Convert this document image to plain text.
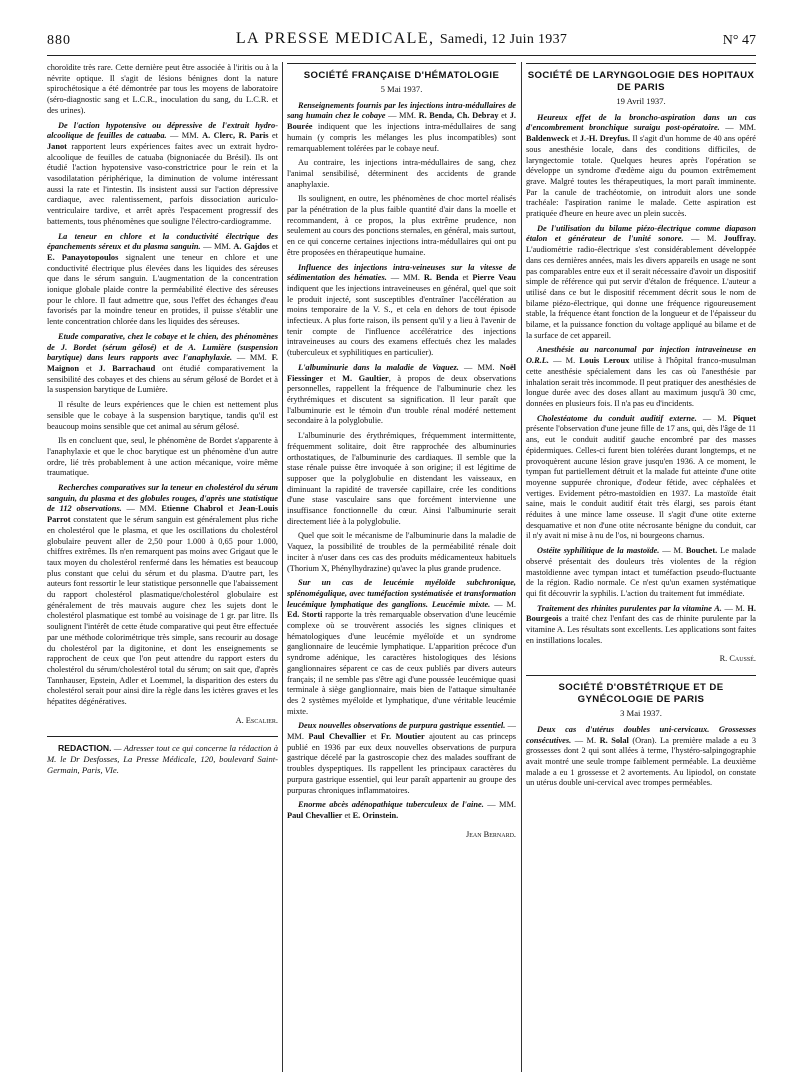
880	LA PRESSE MEDICALE, Samedi, 12 Juin 1937	N° 47

choroïdite très rare. Cette dernière peut être associée à l'iritis ou à la névrite optique. Il s'agit de lésions bénignes dont la nature spirochétosique a été démontrée par tous les moyens de laboratoire (séro-diagnostic sang et L.C.R., inoculation du sang, du L.C.R. et des urines).

De l'action hypotensive ou dépressive de l'extrait hydro-alcoolique de feuilles de catuaba. — MM. A. Clerc, R. Paris et Janot rapportent leurs expériences faites avec un extrait hydro-alcoolique de feuilles de catuaba (bignoniacée du Brésil). Ils ont étudié l'action hypotensive vaso-constrictrice pour le rein et la vasodilatation périphérique, la diminution de volume intéressant aussi la rate et l'intestin. Ils insistent aussi sur l'action dépressive cardiaque, avec ralentissement, parfois dissociation auriculo-ventriculaire tardive, et arrêt après l'espacement progressif des battements, tous phénomènes que souligne l'électro-cardiogramme.

La teneur en chlore et la conductivité électrique des épanchements séreux et du plasma sanguin. — MM. A. Gajdos et E. Panayotopoulos signalent une teneur en chlore et une conductivité électrique plus élevées dans les liquides des séreuses que dans le sérum sanguin. L'augmentation de la concentration ionique globale plaide contre la perméabilité élective des séreuses pour le chlore. Il faut admettre que, sous l'effet des échanges d'eau favorisés par la moindre teneur en protides, il puisse s'établir une lente concentration chlorée dans les liquides des séreuses.

Etude comparative, chez le cobaye et le chien, des phénomènes de J. Bordet (sérum gélosé) et de A. Lumière (suspension barytique) dans leurs rapports avec l'anaphylaxie. — MM. F. Maignon et J. Barrachaud ont étudié comparativement la sensibilité des cobayes et des chiens au sérum gélosé de Bordet et à la suspension barytique de Lumière.

Il résulte de leurs expériences que le chien est nettement plus sensible que le cobaye à la suspension barytique, tandis qu'il est beaucoup moins sensible que cet animal au sérum gélosé.

Ils en concluent que, seul, le phénomène de Bordet s'apparente à l'anaphylaxie et que le choc barytique est un phénomène d'un autre ordre, lié très probablement à une action mécanique, voire même traumatique.

Recherches comparatives sur la teneur en cholestérol du sérum sanguin, du plasma et des globules rouges, d'après une statistique de 112 observations. — MM. Etienne Chabrol et Jean-Louis Parrot constatent que le sérum sanguin est généralement plus riche en cholestérol que le plasma, et que les oscillations du cholestérol globulaire peuvent aller de 2,50 pour 1.000 à 0,65 pour 1.000, chiffres extrêmes. Ils n'en remarquent pas moins avec Grigaut que le taux moyen du cholestérol renfermé dans les hématies est beaucoup plus constant que celui du sérum et du plasma. D'autre part, les auteurs font ressortir le leur statistique personnelle que l'abaissement du rapport cholestérol plasmatique/cholestérol globulaire est généralement de très mauvais augure chez les sujets dont le cholestérol plasmatique est tombé au voisinage de 1 gr. par litre. Ils soulignent l'intérêt de cette étude comparative qui peut être effectuée par une méthode colorimétrique très simple, sans recourir au dosage du cholestérol par la digitonine, et dont les enseignements se rapprochent de ceux que l'on peut attendre du rapport esters du cholestérol du sérum/cholestérol total du sérum; on sait que, d'après Tannhauser, Epstein, Adler et Loemmel, la disparition des esters du cholestérol serait pour ainsi dire la règle dans les ictères graves et les hépatites dégénératives.

A. Escalier.

REDACTION. — Adresser tout ce qui concerne la rédaction à M. le Dr Desfosses, La Presse Médicale, 120, boulevard Saint-Germain, Paris, VIe.

SOCIÉTÉ FRANÇAISE D'HÉMATOLOGIE

5 Mai 1937.

Renseignements fournis par les injections intra-médullaires de sang humain chez le cobaye — MM. R. Benda, Ch. Debray et J. Bourée indiquent que les injections intra-médullaires de sang humain (y compris les mélanges les plus incompatibles) sont remarquablement tolérées par le cobaye neuf.

Au contraire, les injections intra-médullaires de sang, chez l'animal sensibilisé, déterminent des accidents de grande anaphylaxie.

Ils soulignent, en outre, les phénomènes de choc mortel réalisés par la pénétration de la plus faible quantité d'air dans la moelle et recommandent, à ce propos, la plus extrême prudence, non seulement au cours des ponctions sternales, en général, mais surtout, en ce qui concerne certaines injections intra-médullaires qui ont pu être proposées en thérapeutique humaine.

Influence des injections intra-veineuses sur la vitesse de sédimentation des hématies. — MM. R. Benda et Pierre Veau indiquent que les injections intraveineuses en général, quel que soit le produit injecté, sont susceptibles d'entraîner l'accélération au moins temporaire de la V. S., et cela en dehors de tout épisode infectieux. A plus forte raison, ils pensent qu'il y a lieu à l'avenir de tenir compte de l'influence accélératrice des injections intraveineuses au cours des examens effectués chez les malades (tuberculeux et syphilitiques en particulier).

L'albuminurie dans la maladie de Vaquez. — MM. Noël Fiessinger et M. Gaultier, à propos de deux observations personnelles, rappellent la fréquence de l'albuminurie chez les érythrémiques et discutent sa signification. Il leur paraît que l'albuminurie est le témoin d'un trouble rénal modéré nettement secondaire à la polyglobulie.

L'albuminurie des érythrémiques, fréquemment intermittente, fréquemment solitaire, doit être rapprochée des albuminuries orthostatiques, de l'albuminurie des cardiaques. Il semble que la stase rénale puisse être invoquée à son origine; il est légitime de supposer que la polyglobulie en distendant les vaisseaux, en diminuant la rapidité de traversée capillaire, crée les conditions d'une stase vasculaire sans que forcément intervienne une insuffisance fonctionnelle du cœur. Ainsi l'albuminurie serait directement liée à la polyglobulie.

Quel que soit le mécanisme de l'albuminurie dans la maladie de Vaquez, la possibilité de troubles de la perméabilité rénale doit inciter à n'user dans ces cas des produits médicamenteux habituels (Thorium X, Phénylhydrazine) qu'avec la plus grande prudence.

Sur un cas de leucémie myéloïde subchronique, splénomégalique, avec tuméfaction systématisée et transformation leucémique lymphatique des ganglions. Leucémie mixte. — M. Ed. Storti rapporte la très remarquable observation d'une leucémie complexe où se trouvèrent associés les signes cliniques et hématologiques d'une leucémie myéloïde et un syndrome ganglionnaire de leucémie lymphatique. L'apparition précoce d'un syndrome adénique, les caractères histologiques des lésions ganglionnaires séparent ce cas de ceux publiés par divers auteurs français; il ne semble pas s'être agi d'une poussée leucémique quasi terminale à siège ganglionnaire, mais bien de l'attaque simultanée des 2 systèmes myéloïde et lymphatique, d'une véritable leucémie mixte.

Deux nouvelles observations de purpura gastrique essentiel. — MM. Paul Chevallier et Fr. Moutier ajoutent au cas princeps publié en 1936 par eux deux nouvelles observations de purpura gastrique décelé par la gastroscopie chez des malades souffrant de troubles dyspeptiques. Ils rappellent les principaux caractères du purpura gastrique essentiel, qui leur paraît appartenir au groupe des purpuras chroniques inflammatoires.

Enorme abcès adénopathique tuberculeux de l'aine. — MM. Paul Chevallier et E. Orinstein.

Jean Bernard.

SOCIÉTÉ DE LARYNGOLOGIE DES HOPITAUX DE PARIS

19 Avril 1937.

Heureux effet de la broncho-aspiration dans un cas d'encombrement bronchique suraigu post-opératoire. — MM. Baldenweck et J.-H. Dreyfus. Il s'agit d'un homme de 40 ans opéré sous anesthésie locale, dans des conditions difficiles, de laryngectomie totale. Quelques heures après l'opération se développe un syndrome d'œdème aigu du poumon extrêmement grave. Malgré toutes les thérapeutiques, la mort paraît imminente. Par la canule de trachéotomie, on introduit alors une sonde trachéale: l'aspiration ranime le malade. Cette aspiration est pratiquée d'heure en heure avec un plein succès.

De l'utilisation du bilame piézo-électrique comme diapason étalon et générateur de l'unité sonore. — M. Jouffray. L'audiométrie radio-électrique s'est considérablement développée dans ces dernières années, mais les divers appareils en usage ne sont pas comparables entre eux et il serait nécessaire d'avoir un dispositif simple de référence qui put servir d'étalon de fréquence. L'auteur a utilisé dans ce but le dispositif récemment décrit sous le nom de bilame piézo-électrique, qui donne une fréquence rigoureusement stable, la fréquence étant fonction de la longueur et de l'épaisseur du bilame, et la puissance fonction du voltage appliqué au bilame et de la surface de cet appareil.

Anesthésie au narconumal par injection intraveineuse en O.R.L. — M. Louis Leroux utilise à l'hôpital franco-musulman cette anesthésie spécialement dans les cas où l'anesthésie par inhalation serait très incommode. Il peut pratiquer des anesthésies de longue durée avec des doses allant au maximum jusqu'à 30 cmc, données en plusieurs fois. Il n'a pas eu d'incidents.

Cholestéatome du conduit auditif externe. — M. Piquet présente l'observation d'une jeune fille de 17 ans, qui, dès l'âge de 11 ans, eut le conduit auditif gauche encombré par des masses épidermiques. Celles-ci furent bien tolérées durant longtemps, et ne provoquèrent aucune lésion grave jusqu'en 1936. A ce moment, le tympan fut partiellement détruit et la malade fut atteinte d'une otite moyenne suppurée chronique, d'odeur fétide, avec céphalées et vertiges. Evidement pétro-mastoïdien en 1937. La mastoïde était saine, mais le conduit auditif était très élargi, ses parois étant réduites à une mince lame osseuse. Il s'agit d'une otite externe desquamative et non d'une otite nécrosante bénigne du conduit, car il n'y avait ni mise à nu de l'os, ni bourgeons charnus.

Ostéite syphilitique de la mastoïde. — M. Bouchet. Le malade observé présentait des douleurs très violentes de la région mastoïdienne avec tympan intact et tuméfaction pseudo-fluctuante de la région. Radio normale. Ce n'est qu'un examen systématique qui fit découvrir la syphilis. L'action du traitement fut immédiate.

Traitement des rhinites purulentes par la vitamine A. — M. H. Bourgeois a traité chez l'enfant des cas de rhinite purulente par la vitamine A. Les résultats sont excellents. Les applications sont faites en instillations locales.

R. Caussé.

SOCIÉTÉ D'OBSTÉTRIQUE ET DE GYNÉCOLOGIE DE PARIS

3 Mai 1937.

Deux cas d'utérus doubles uni-cervicaux. Grossesses consécutives. — M. R. Solal (Oran). La première malade a eu 3 grossesses dont 2 qui sont allées à terme, l'hystéro-salpingographie avait montré une seule trompe faiblement perméable. La deuxième malade a eu 1 grossesse et 2 avortements. Au lipiodol, on constate un utérus double uni-cervical avec trompes perméables.
